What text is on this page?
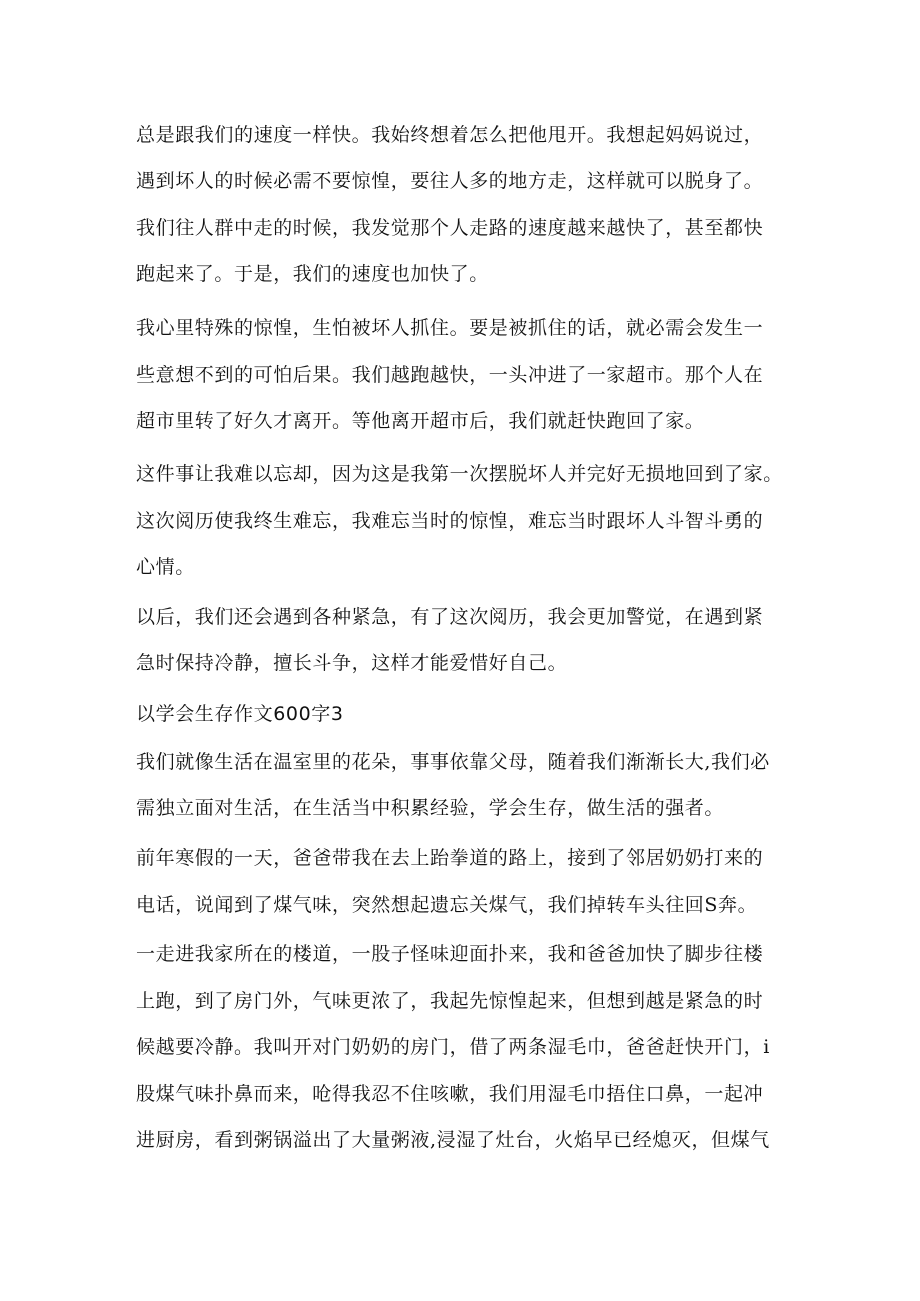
总是跟我们的速度一样快。我始终想着怎么把他甩开。我想起妈妈说过，
遇到坏人的时候必需不要惊惶，要往人多的地方走，这样就可以脱身了。
我们往人群中走的时候，我发觉那个人走路的速度越来越快了，甚至都快
跑起来了。于是，我们的速度也加快了。
我心里特殊的惊惶，生怕被坏人抓住。要是被抓住的话，就必需会发生一
些意想不到的可怕后果。我们越跑越快，一头冲进了一家超市。那个人在
超市里转了好久才离开。等他离开超市后，我们就赶快跑回了家。
这件事让我难以忘却，因为这是我第一次摆脱坏人并完好无损地回到了家。
这次阅历使我终生难忘，我难忘当时的惊惶，难忘当时跟坏人斗智斗勇的
心情。
以后，我们还会遇到各种紧急，有了这次阅历，我会更加警觉，在遇到紧
急时保持冷静，擅长斗争，这样才能爱惜好自己。
以学会生存作文600字3
我们就像生活在温室里的花朵，事事依靠父母，随着我们渐渐长大,我们必
需独立面对生活，在生活当中积累经验，学会生存，做生活的强者。
前年寒假的一天，爸爸带我在去上跆拳道的路上，接到了邻居奶奶打来的
电话，说闻到了煤气味，突然想起遗忘关煤气，我们掉转车头往回S奔。
一走进我家所在的楼道，一股子怪味迎面扑来，我和爸爸加快了脚步往楼
上跑，到了房门外，气味更浓了，我起先惊惶起来，但想到越是紧急的时
候越要冷静。我叫开对门奶奶的房门，借了两条湿毛巾，爸爸赶快开门，i
股煤气味扑鼻而来，呛得我忍不住咳嗽，我们用湿毛巾捂住口鼻，一起冲
进厨房，看到粥锅溢出了大量粥液,浸湿了灶台，火焰早已经熄灭，但煤气
